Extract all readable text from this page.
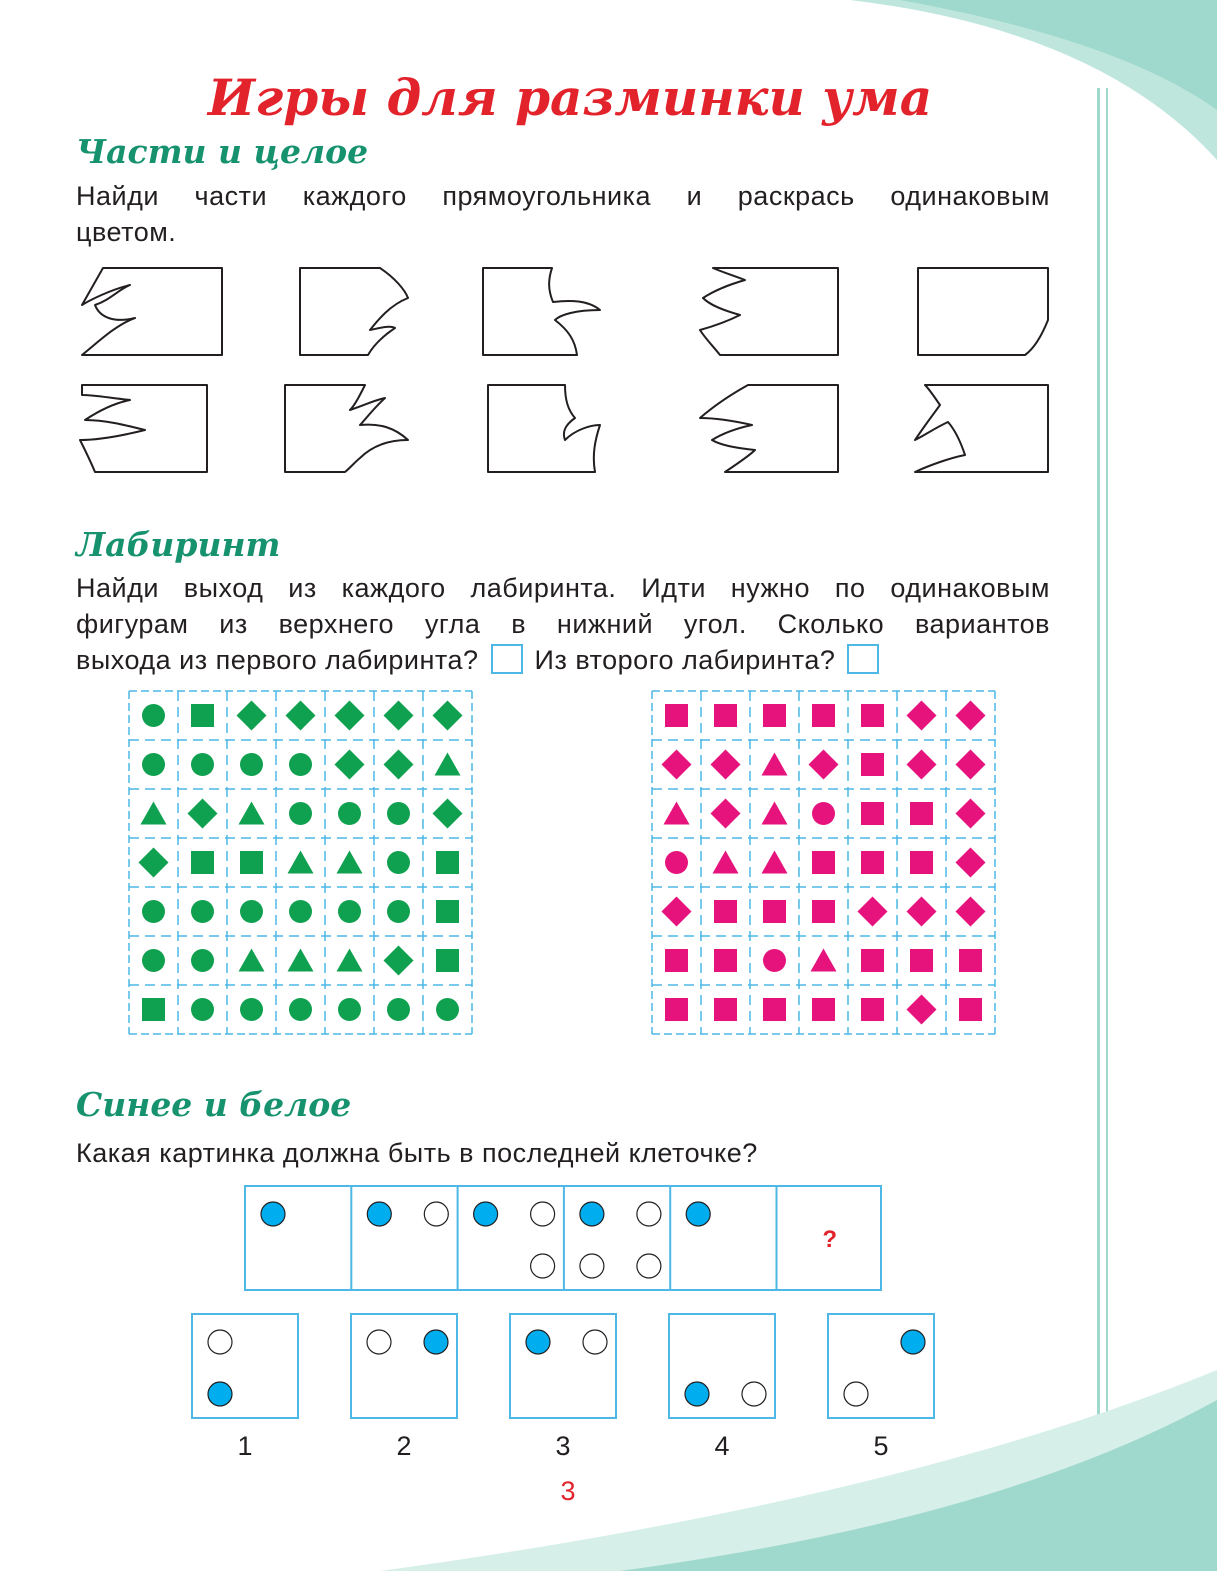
Игры для разминки ума
Части и целое

Найди части каждого прямоугольника и раскрась одинаковым
цветом.

Лабиринт

Найди выход из каждого лабиринта. Идти нужно по одинаковым
фигурам из верхнего угла в нижний угол. Сколько вариантов
выхода из первого лабиринта? Из второго лабиринта?

Синее и белое

Какая картинка должна быть в последней клеточке?

?
1	2	3	4	5
3
